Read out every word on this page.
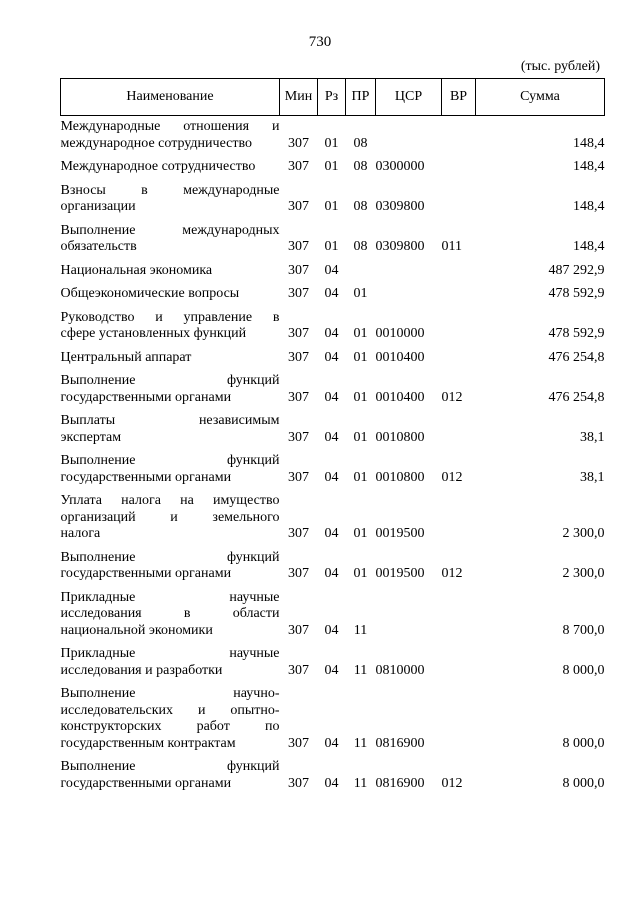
730
(тыс. рублей)
Наименование	Мин	Рз	ПР	ЦСР	ВР	Сумма

Международные отношения и
международное сотрудничество	307	01	08			148,4

Международное сотрудничество	307	01	08	0300000		148,4

Взносы в международные
организации	307	01	08	0309800		148,4

Выполнение международных
обязательств	307	01	08	0309800	011	148,4

Национальная экономика	307	04				487 292,9

Общеэкономические вопросы	307	04	01			478 592,9

Руководство и управление в
сфере установленных функций	307	04	01	0010000		478 592,9

Центральный аппарат	307	04	01	0010400		476 254,8

Выполнение функций
государственными органами	307	04	01	0010400	012	476 254,8

Выплаты независимым
экспертам	307	04	01	0010800		38,1

Выполнение функций
государственными органами	307	04	01	0010800	012	38,1

Уплата налога на имущество
организаций и земельного
налога	307	04	01	0019500		2 300,0

Выполнение функций
государственными органами	307	04	01	0019500	012	2 300,0

Прикладные научные
исследования в области
национальной экономики	307	04	11			8 700,0

Прикладные научные
исследования и разработки	307	04	11	0810000		8 000,0

Выполнение научно-
исследовательских и опытно-
конструкторских работ по
государственным контрактам	307	04	11	0816900		8 000,0

Выполнение функций
государственными органами	307	04	11	0816900	012	8 000,0
